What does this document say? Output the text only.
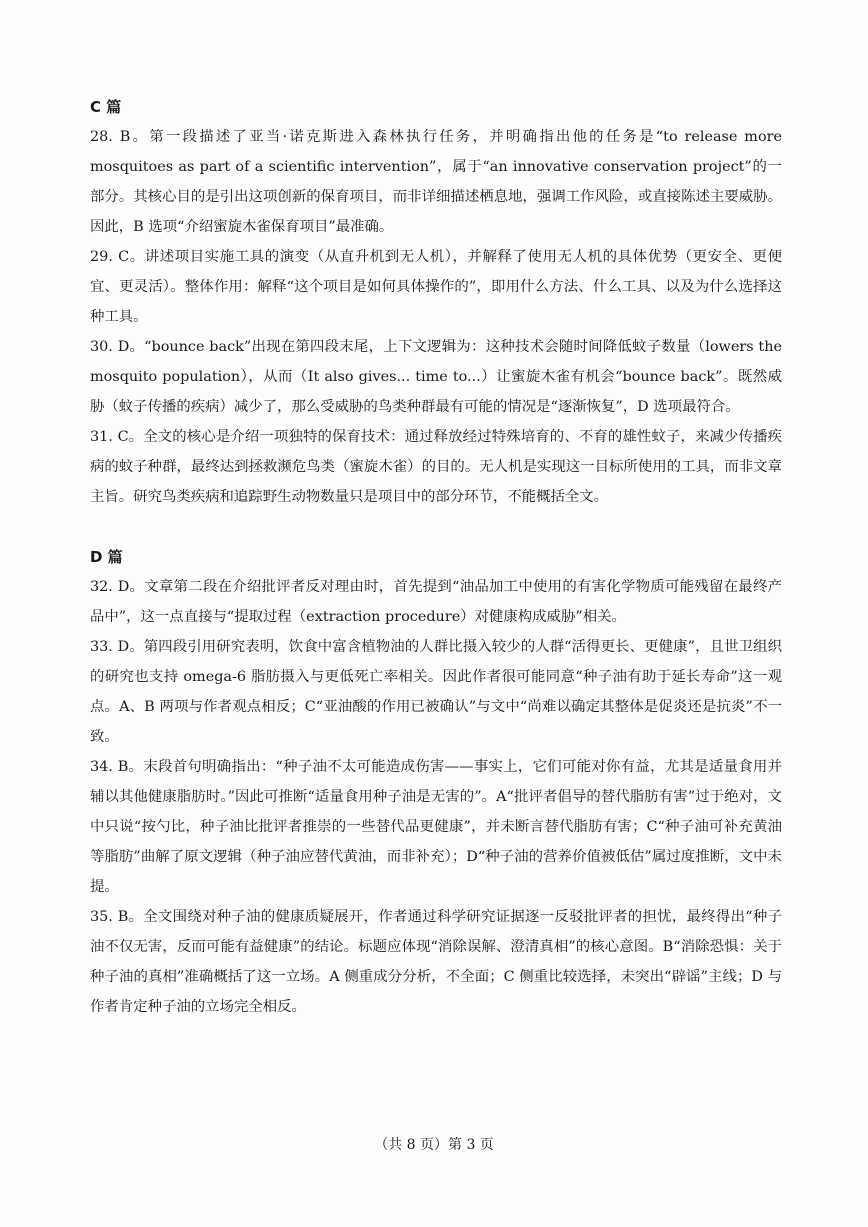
C 篇

28. B。第一段描述了亚当·诺克斯进入森林执行任务，并明确指出他的任务是“to release more mosquitoes as part of a scientific intervention”，属于“an innovative conservation project”的一部分。其核心目的是引出这项创新的保育项目，而非详细描述栖息地，强调工作风险，或直接陈述主要威胁。因此，B 选项“介绍蜜旋木雀保育项目”最准确。

29. C。讲述项目实施工具的演变（从直升机到无人机），并解释了使用无人机的具体优势（更安全、更便宜、更灵活）。整体作用：解释“这个项目是如何具体操作的”，即用什么方法、什么工具、以及为什么选择这种工具。

30. D。“bounce back”出现在第四段末尾，上下文逻辑为：这种技术会随时间降低蚊子数量（lowers the mosquito population），从而（It also gives... time to...）让蜜旋木雀有机会“bounce back”。既然威胁（蚊子传播的疾病）减少了，那么受威胁的鸟类种群最有可能的情况是“逐渐恢复”，D 选项最符合。

31. C。全文的核心是介绍一项独特的保育技术：通过释放经过特殊培育的、不育的雄性蚊子，来减少传播疾病的蚊子种群，最终达到拯救濒危鸟类（蜜旋木雀）的目的。无人机是实现这一目标所使用的工具，而非文章主旨。研究鸟类疾病和追踪野生动物数量只是项目中的部分环节，不能概括全文。

D 篇

32. D。文章第二段在介绍批评者反对理由时，首先提到“油品加工中使用的有害化学物质可能残留在最终产品中”，这一点直接与“提取过程（extraction procedure）对健康构成威胁”相关。

33. D。第四段引用研究表明，饮食中富含植物油的人群比摄入较少的人群“活得更长、更健康”，且世卫组织的研究也支持 omega-6 脂肪摄入与更低死亡率相关。因此作者很可能同意“种子油有助于延长寿命”这一观点。A、B 两项与作者观点相反；C“亚油酸的作用已被确认”与文中“尚难以确定其整体是促炎还是抗炎”不一致。

34. B。末段首句明确指出：“种子油不太可能造成伤害——事实上，它们可能对你有益，尤其是适量食用并辅以其他健康脂肪时。”因此可推断“适量食用种子油是无害的”。A“批评者倡导的替代脂肪有害”过于绝对，文中只说“按勺比，种子油比批评者推崇的一些替代品更健康”，并未断言替代脂肪有害；C“种子油可补充黄油等脂肪”曲解了原文逻辑（种子油应替代黄油，而非补充）；D“种子油的营养价值被低估”属过度推断，文中未提。

35. B。全文围绕对种子油的健康质疑展开，作者通过科学研究证据逐一反驳批评者的担忧，最终得出“种子油不仅无害，反而可能有益健康”的结论。标题应体现“消除误解、澄清真相”的核心意图。B“消除恐惧：关于种子油的真相”准确概括了这一立场。A 侧重成分分析，不全面；C 侧重比较选择，未突出“辟谣”主线；D 与作者肯定种子油的立场完全相反。

（共 8 页）第 3 页
